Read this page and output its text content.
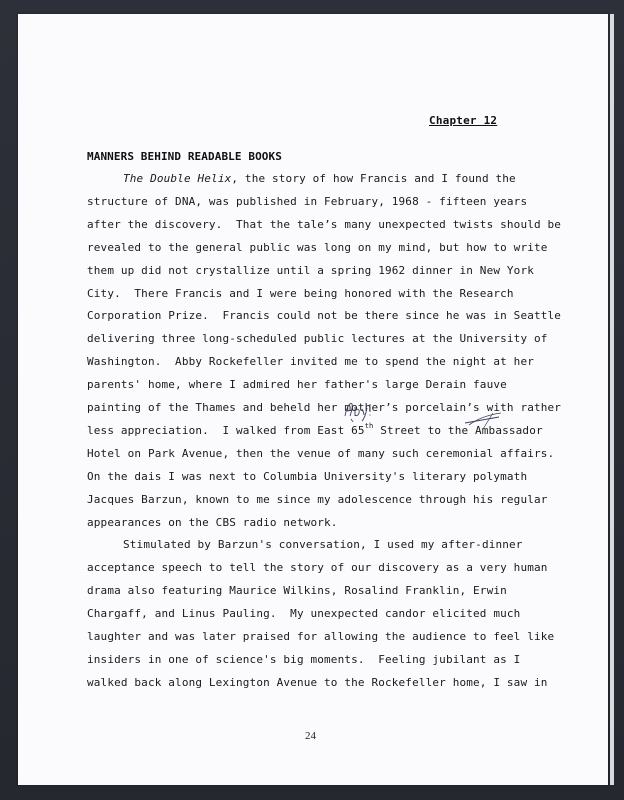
Chapter 12
MANNERS BEHIND READABLE BOOKS
The Double Helix, the story of how Francis and I found the
structure of DNA, was published in February, 1968 - fifteen years
after the discovery.  That the tale’s many unexpected twists should be
revealed to the general public was long on my mind, but how to write
them up did not crystallize until a spring 1962 dinner in New York
City.  There Francis and I were being honored with the Research
Corporation Prize.  Francis could not be there since he was in Seattle
delivering three long-scheduled public lectures at the University of
Washington.  Abby Rockefeller invited me to spend the night at her
parents' home, where I admired her father's large Derain fauve
painting of the Thames and beheld her mother’s porcelain’s with rather
less appreciation.  I walked from East 65th Street to the Ambassador
Hotel on Park Avenue, then the venue of many such ceremonial affairs.
On the dais I was next to Columbia University's literary polymath
Jacques Barzun, known to me since my adolescence through his regular
appearances on the CBS radio network.
Stimulated by Barzun's conversation, I used my after-dinner
acceptance speech to tell the story of our discovery as a very human
drama also featuring Maurice Wilkins, Rosalind Franklin, Erwin
Chargaff, and Linus Pauling.  My unexpected candor elicited much
laughter and was later praised for allowing the audience to feel like
insiders in one of science's big moments.  Feeling jubilant as I
walked back along Lexington Avenue to the Rockefeller home, I saw in
24
